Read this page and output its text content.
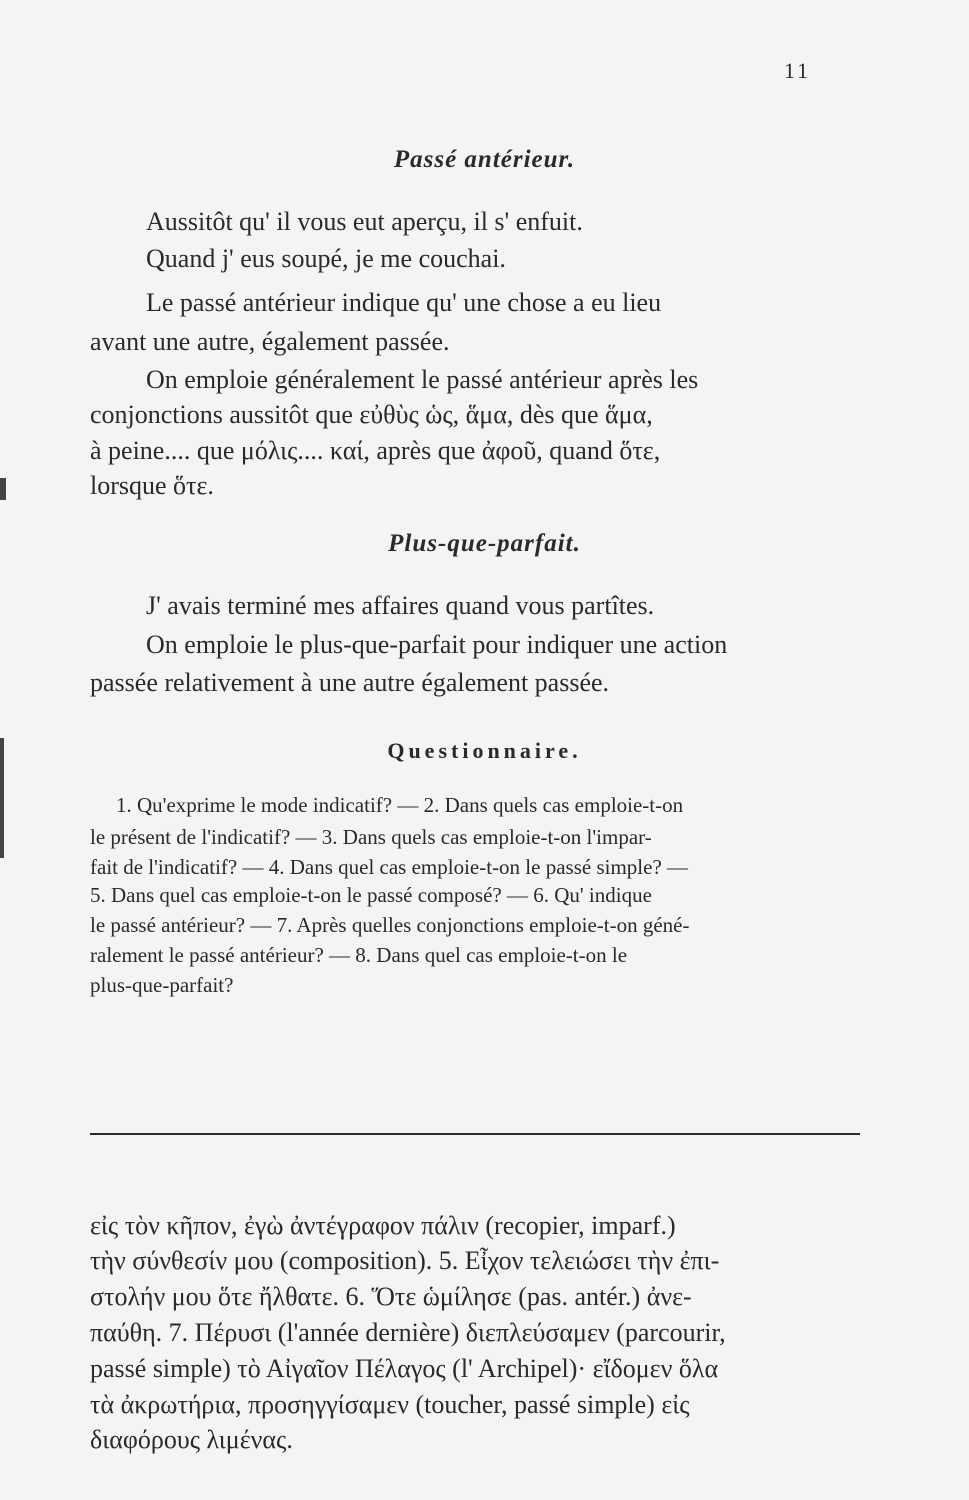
11
Passé antérieur.
Aussitôt qu' il vous eut aperçu, il s' enfuit.
Quand j' eus soupé, je me couchai.
Le passé antérieur indique qu' une chose a eu lieu
avant une autre, également passée.
On emploie généralement le passé antérieur après les
conjonctions aussitôt que εὐθὺς ὡς, ἅμα, dès que ἅμα,
à peine.... que μόλις.... καί, après que ἀφοῦ, quand ὅτε,
lorsque ὅτε.
Plus-que-parfait.
J' avais terminé mes affaires quand vous partîtes.
On emploie le plus-que-parfait pour indiquer une action
passée relativement à une autre également passée.
Questionnaire.
1. Qu'exprime le mode indicatif? — 2. Dans quels cas emploie-t-on
le présent de l'indicatif? — 3. Dans quels cas emploie-t-on l'impar-
fait de l'indicatif? — 4. Dans quel cas emploie-t-on le passé simple? —
5. Dans quel cas emploie-t-on le passé composé? — 6. Qu' indique
le passé antérieur? — 7. Après quelles conjonctions emploie-t-on géné-
ralement le passé antérieur? — 8. Dans quel cas emploie-t-on le
plus-que-parfait?
εἰς τὸν κῆπον, ἐγὼ ἀντέγραφον πάλιν (recopier, imparf.)
τὴν σύνθεσίν μου (composition). 5. Εἶχον τελειώσει τὴν ἐπι-
στολήν μου ὅτε ἤλθατε. 6. Ὅτε ὡμίλησε (pas. antér.) ἀνε-
παύθη. 7. Πέρυσι (l'année dernière) διεπλεύσαμεν (parcourir,
passé simple) τὸ Αἰγαῖον Πέλαγος (l' Archipel)· εἴδομεν ὅλα
τὰ ἀκρωτήρια, προσηγγίσαμεν (toucher, passé simple) εἰς
διαφόρους λιμένας.
